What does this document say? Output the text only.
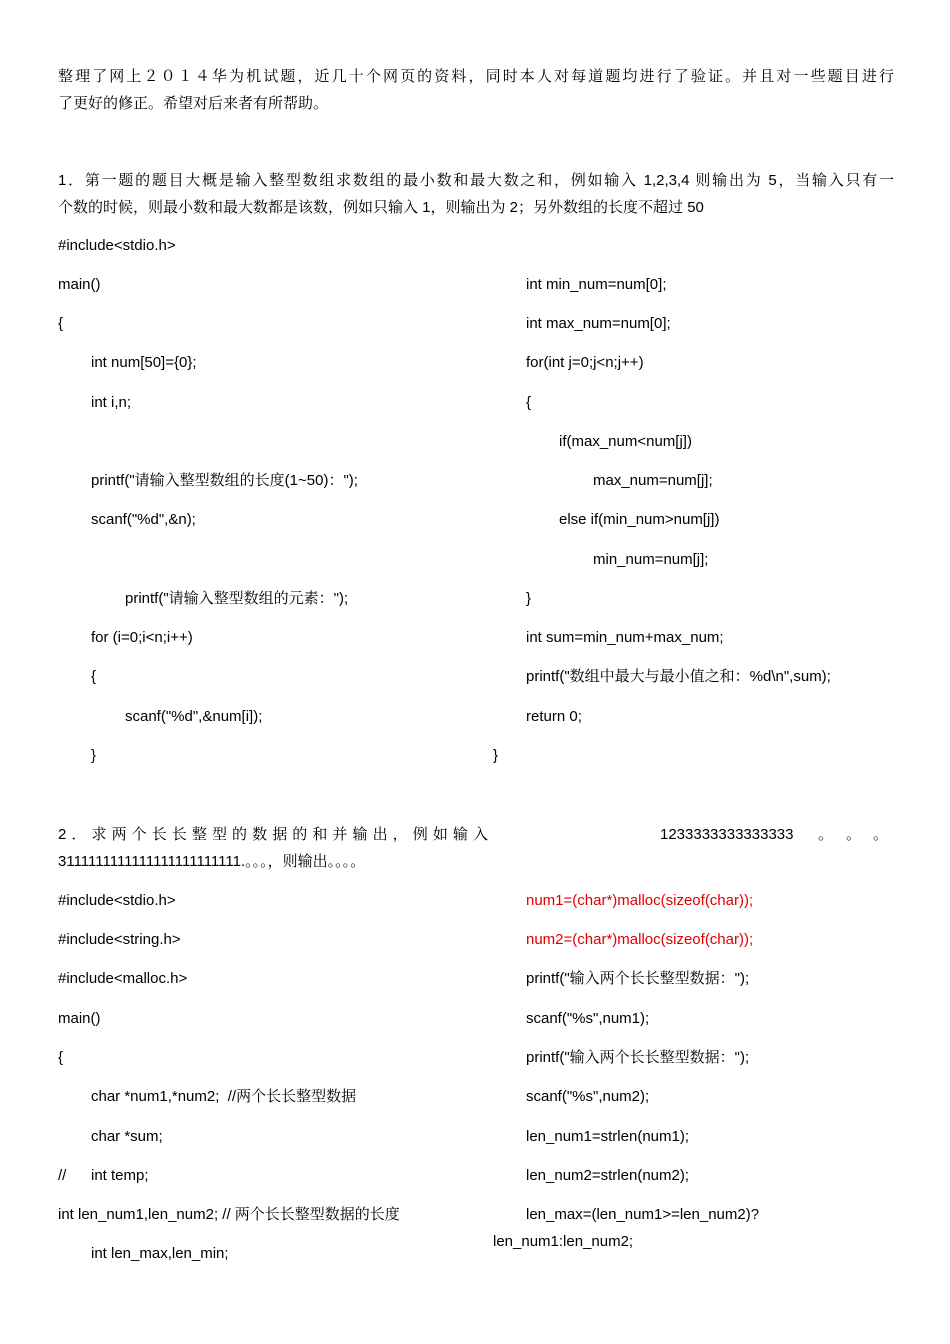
整理了网上２０１４华为机试题，近几十个网页的资料，同时本人对每道题均进行了验证。并且对一些题目进行

了更好的修正。希望对后来者有所帮助。

1．第一题的题目大概是输入整型数组求数组的最小数和最大数之和，例如输入 1,2,3,4 则输出为 5，当输入只有一

个数的时候，则最小数和最大数都是该数，例如只输入 1，则输出为 2；另外数组的长度不超过 50

#include<stdio.h>
main()
{
int num[50]={0};
int i,n;
printf("请输入整型数组的长度(1~50)：");
scanf("%d",&n);
printf("请输入整型数组的元素：");
for (i=0;i<n;i++)
{
scanf("%d",&num[i]);
}
int min_num=num[0];
int max_num=num[0];
for(int j=0;j<n;j++)
{
if(max_num<num[j])
max_num=num[j];
else if(min_num>num[j])
min_num=num[j];
}
int sum=min_num+max_num;
printf("数组中最大与最小值之和：%d\n",sum);
return 0;
}
2．求两个长长整型的数据的和并输出，例如输入	1233333333333333 。 。 。
3111111111111111111111111.。。。，则输出。。。。
#include<stdio.h>
#include<string.h>
#include<malloc.h>
main()
{
char *num1,*num2;  //两个长长整型数据
char *sum;
// int temp;
int len_num1,len_num2; // 两个长长整型数据的长度
int len_max,len_min;
num1=(char*)malloc(sizeof(char));
num2=(char*)malloc(sizeof(char));
printf("输入两个长长整型数据：");
scanf("%s",num1);
printf("输入两个长长整型数据：");
scanf("%s",num2);
len_num1=strlen(num1);
len_num2=strlen(num2);
len_max=(len_num1>=len_num2)?
len_num1:len_num2;
